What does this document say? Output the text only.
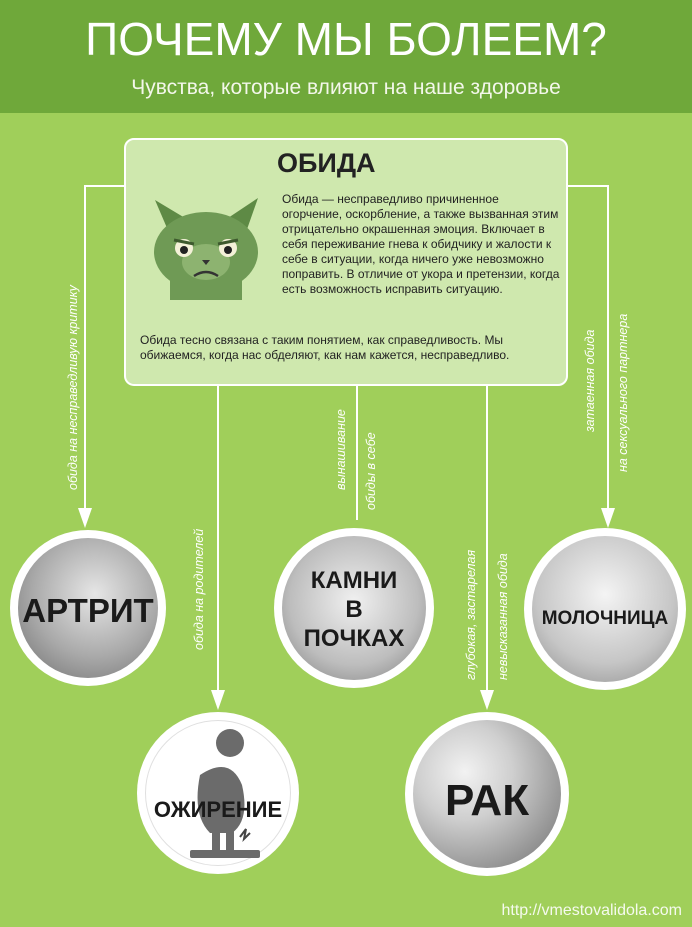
ПОЧЕМУ МЫ БОЛЕЕМ?
Чувства, которые влияют на наше здоровье
ОБИДА
Обида — несправедливо причиненное огорчение, оскорбление, а также вызванная этим отрицательно окрашенная эмоция. Включает в себя переживание гнева к обидчику и жалости к себе в ситуации, когда ничего уже невозможно поправить. В отличие от укора и претензии, когда есть возможность исправить ситуацию.
Обида тесно связана с таким понятием, как справедливость. Мы обижаемся, когда нас обделяют, как нам кажется, несправедливо.
обида на несправедливую критику
обида на родителей
вынашивание обиды в себе
глубокая, застарелая невысказанная обида
затаенная обида на сексуального партнера
АРТРИТ
КАМНИ
В
ПОЧКАХ
МОЛОЧНИЦА
ОЖИРЕНИЕ	РАК
http://vmestovalidola.com
